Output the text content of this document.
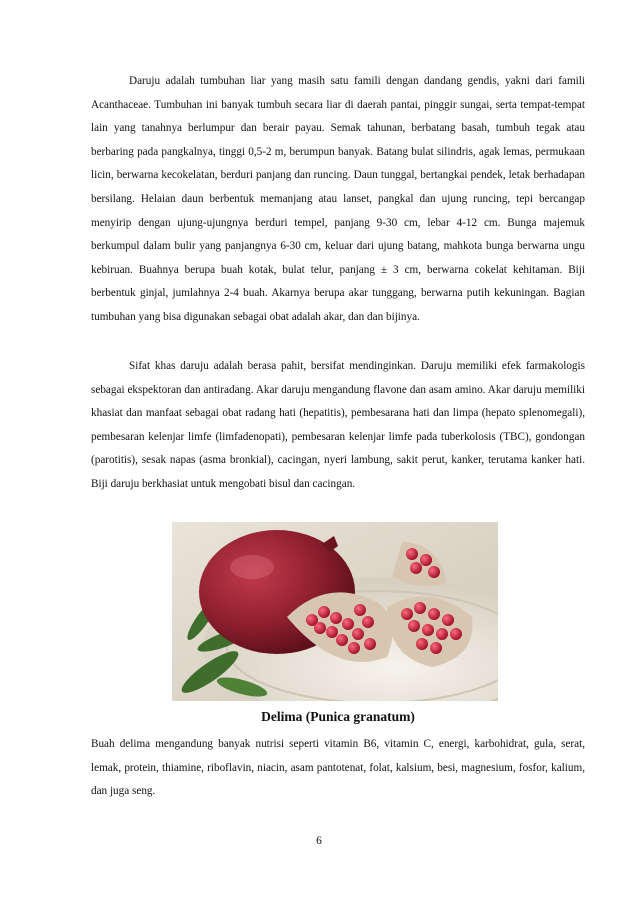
Daruju adalah tumbuhan liar yang masih satu famili dengan dandang gendis, yakni dari famili Acanthaceae. Tumbuhan ini banyak tumbuh secara liar di daerah pantai, pinggir sungai, serta tempat-tempat lain yang tanahnya berlumpur dan berair payau. Semak tahunan, berbatang basah, tumbuh tegak atau berbaring pada pangkalnya, tinggi 0,5-2 m, berumpun banyak. Batang bulat silindris, agak lemas, permukaan licin, berwarna kecokelatan, berduri panjang dan runcing. Daun tunggal, bertangkai pendek, letak berhadapan bersilang. Helaian daun berbentuk memanjang atau lanset, pangkal dan ujung runcing, tepi bercangap menyirip dengan ujung-ujungnya berduri tempel, panjang 9-30 cm, lebar 4-12 cm. Bunga majemuk berkumpul dalam bulir yang panjangnya 6-30 cm, keluar dari ujung batang, mahkota bunga berwarna ungu kebiruan. Buahnya berupa buah kotak, bulat telur, panjang ± 3 cm, berwarna cokelat kehitaman. Biji berbentuk ginjal, jumlahnya 2-4 buah. Akarnya berupa akar tunggang, berwarna putih kekuningan. Bagian tumbuhan yang bisa digunakan sebagai obat adalah akar, dan dan bijinya.

Sifat khas daruju adalah berasa pahit, bersifat mendinginkan. Daruju memiliki efek farmakologis sebagai ekspektoran dan antiradang. Akar daruju mengandung flavone dan asam amino. Akar daruju memiliki khasiat dan manfaat sebagai obat radang hati (hepatitis), pembesarana hati dan limpa (hepato splenomegali), pembesaran kelenjar limfe (limfadenopati), pembesaran kelenjar limfe pada tuberkolosis (TBC), gondongan (parotitis), sesak napas (asma bronkial), cacingan, nyeri lambung, sakit perut, kanker, terutama kanker hati. Biji daruju berkhasiat untuk mengobati bisul dan cacingan.

Delima (Punica granatum)

Buah delima mengandung banyak nutrisi seperti vitamin B6, vitamin C, energi, karbohidrat, gula, serat, lemak, protein, thiamine, riboflavin, niacin, asam pantotenat, folat, kalsium, besi, magnesium, fosfor, kalium, dan juga seng.

6
